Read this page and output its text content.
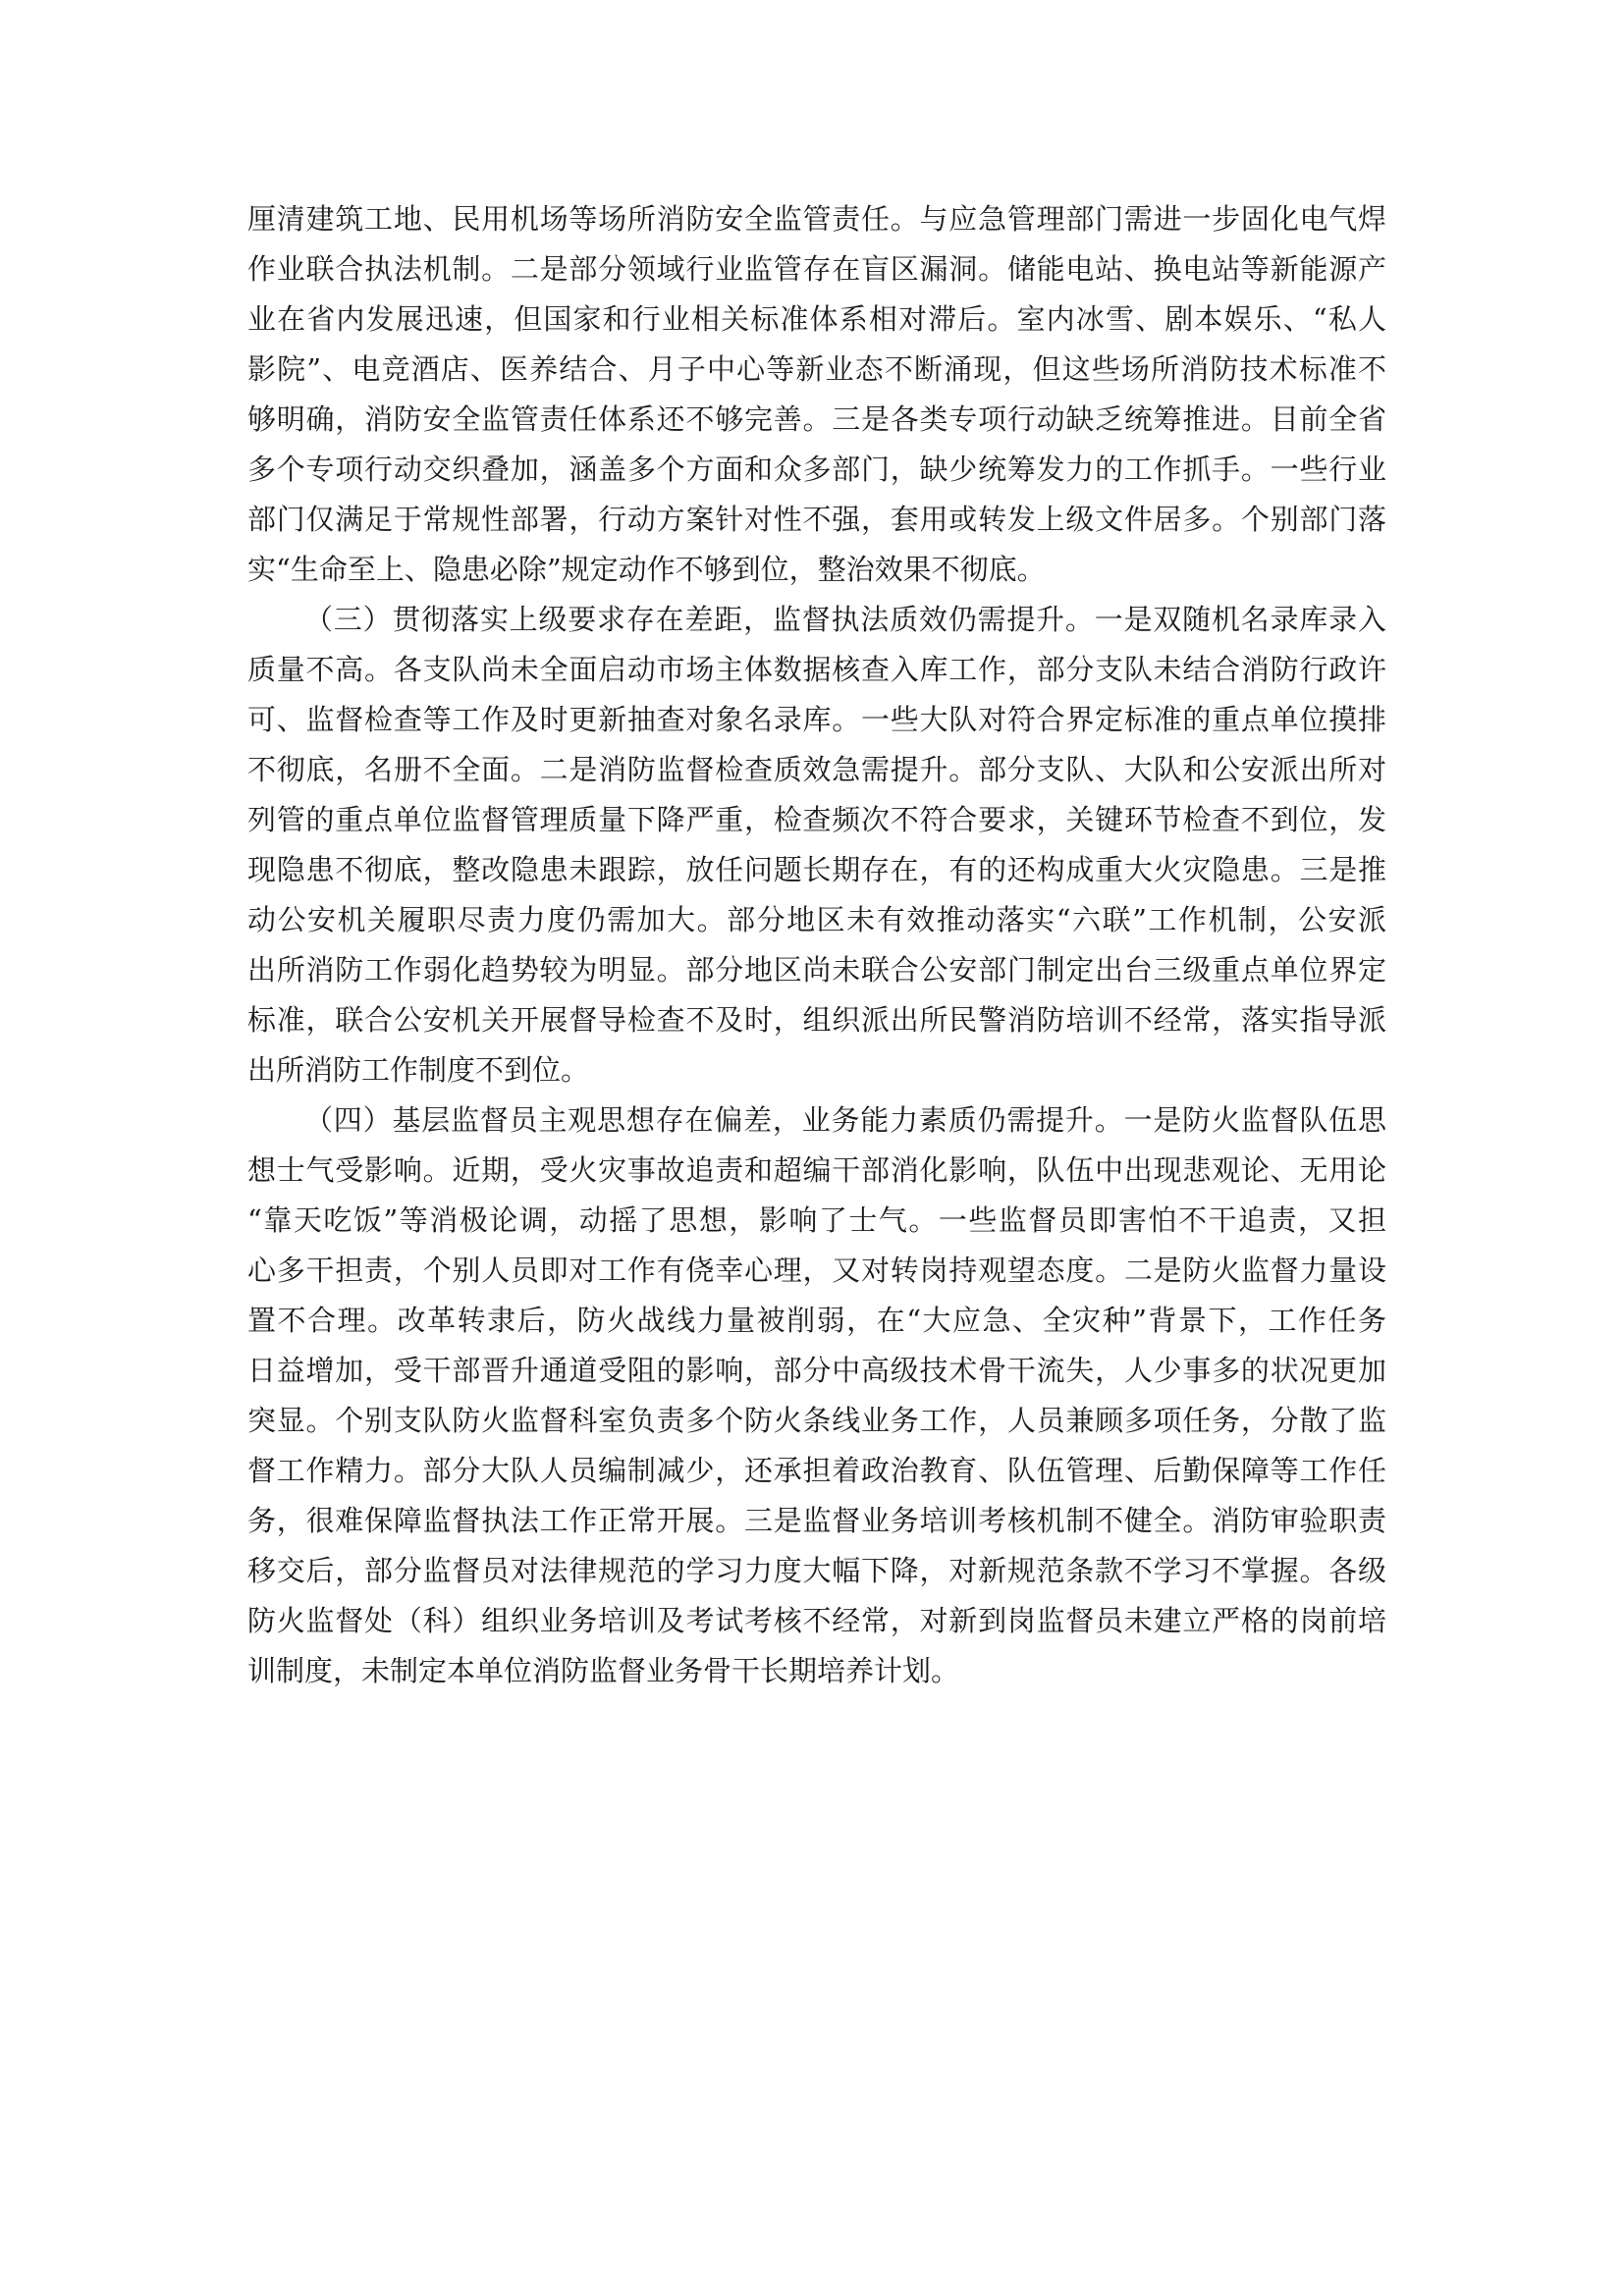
厘清建筑工地、民用机场等场所消防安全监管责任。与应急管理部门需进一步固化电气焊
作业联合执法机制。二是部分领域行业监管存在盲区漏洞。储能电站、换电站等新能源产
业在省内发展迅速，但国家和行业相关标准体系相对滞后。室内冰雪、剧本娱乐、“私人
影院”、电竞酒店、医养结合、月子中心等新业态不断涌现，但这些场所消防技术标准不
够明确，消防安全监管责任体系还不够完善。三是各类专项行动缺乏统筹推进。目前全省
多个专项行动交织叠加，涵盖多个方面和众多部门，缺少统筹发力的工作抓手。一些行业
部门仅满足于常规性部署，行动方案针对性不强，套用或转发上级文件居多。个别部门落
实“生命至上、隐患必除”规定动作不够到位，整治效果不彻底。
（三）贯彻落实上级要求存在差距，监督执法质效仍需提升。一是双随机名录库录入
质量不高。各支队尚未全面启动市场主体数据核查入库工作，部分支队未结合消防行政许
可、监督检查等工作及时更新抽查对象名录库。一些大队对符合界定标准的重点单位摸排
不彻底，名册不全面。二是消防监督检查质效急需提升。部分支队、大队和公安派出所对
列管的重点单位监督管理质量下降严重，检查频次不符合要求，关键环节检查不到位，发
现隐患不彻底，整改隐患未跟踪，放任问题长期存在，有的还构成重大火灾隐患。三是推
动公安机关履职尽责力度仍需加大。部分地区未有效推动落实“六联”工作机制，公安派
出所消防工作弱化趋势较为明显。部分地区尚未联合公安部门制定出台三级重点单位界定
标准，联合公安机关开展督导检查不及时，组织派出所民警消防培训不经常，落实指导派
出所消防工作制度不到位。
（四）基层监督员主观思想存在偏差，业务能力素质仍需提升。一是防火监督队伍思
想士气受影响。近期，受火灾事故追责和超编干部消化影响，队伍中出现悲观论、无用论
“靠天吃饭”等消极论调，动摇了思想，影响了士气。一些监督员即害怕不干追责，又担
心多干担责，个别人员即对工作有侥幸心理，又对转岗持观望态度。二是防火监督力量设
置不合理。改革转隶后，防火战线力量被削弱，在“大应急、全灾种”背景下，工作任务
日益增加，受干部晋升通道受阻的影响，部分中高级技术骨干流失，人少事多的状况更加
突显。个别支队防火监督科室负责多个防火条线业务工作，人员兼顾多项任务，分散了监
督工作精力。部分大队人员编制减少，还承担着政治教育、队伍管理、后勤保障等工作任
务，很难保障监督执法工作正常开展。三是监督业务培训考核机制不健全。消防审验职责
移交后，部分监督员对法律规范的学习力度大幅下降，对新规范条款不学习不掌握。各级
防火监督处（科）组织业务培训及考试考核不经常，对新到岗监督员未建立严格的岗前培
训制度，未制定本单位消防监督业务骨干长期培养计划。
